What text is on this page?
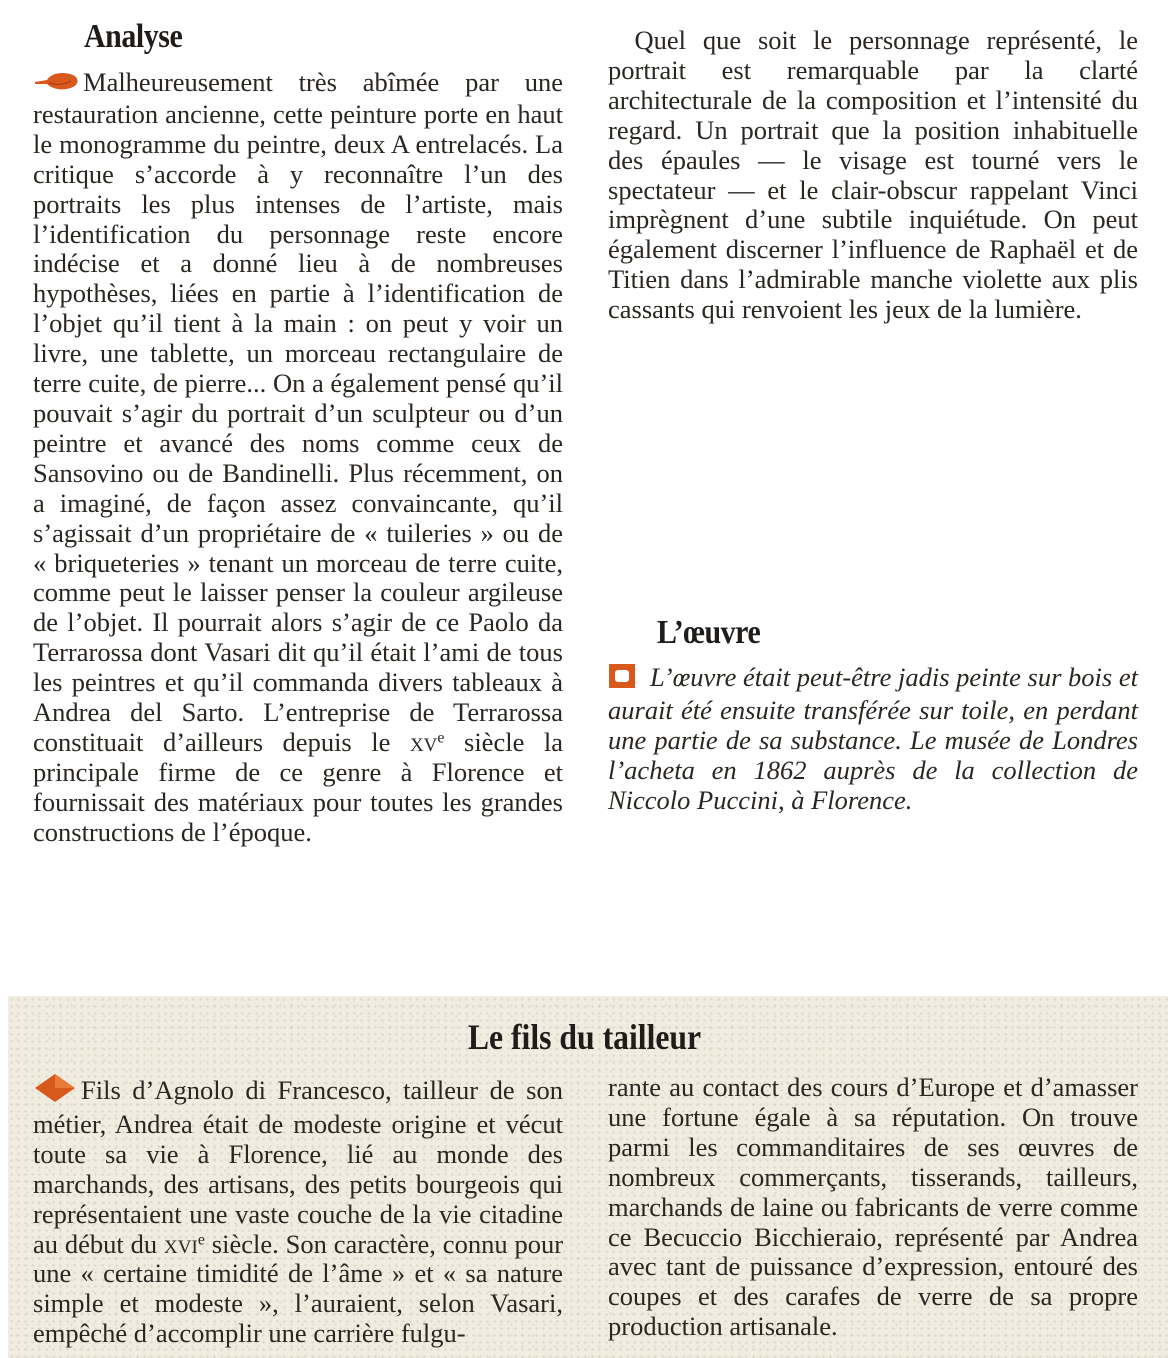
Analyse

Malheureusement très abîmée par une restauration ancienne, cette peinture porte en haut le monogramme du peintre, deux A entrelacés. La critique s’accorde à y reconnaître l’un des portraits les plus intenses de l’artiste, mais l’identification du personnage reste encore indécise et a donné lieu à de nombreuses hypothèses, liées en partie à l’identification de l’objet qu’il tient à la main : on peut y voir un livre, une tablette, un morceau rectangulaire de terre cuite, de pierre... On a également pensé qu’il pouvait s’agir du portrait d’un sculpteur ou d’un peintre et avancé des noms comme ceux de Sansovino ou de Bandinelli. Plus récemment, on a imaginé, de façon assez convaincante, qu’il s’agissait d’un propriétaire de « tuileries » ou de « briqueteries » tenant un morceau de terre cuite, comme peut le laisser penser la couleur argileuse de l’objet. Il pourrait alors s’agir de ce Paolo da Terrarossa dont Vasari dit qu’il était l’ami de tous les peintres et qu’il commanda divers tableaux à Andrea del Sarto. L’entreprise de Terrarossa constituait d’ailleurs depuis le $xv^e$ siècle la principale firme de ce genre à Florence et fournissait des matériaux pour toutes les grandes constructions de l’époque.

Quel que soit le personnage représenté, le portrait est remarquable par la clarté architecturale de la composition et l’intensité du regard. Un portrait que la position inhabituelle des épaules — le visage est tourné vers le spectateur — et le clair-obscur rappelant Vinci imprègnent d’une subtile inquiétude. On peut également discerner l’influence de Raphaël et de Titien dans l’admirable manche violette aux plis cassants qui renvoient les jeux de la lumière.

L’œuvre

L’œuvre était peut-être jadis peinte sur bois et aurait été ensuite transférée sur toile, en perdant une partie de sa substance. Le musée de Londres l’acheta en 1862 auprès de la collection de Niccolo Puccini, à Florence.

Le fils du tailleur

Fils d’Agnolo di Francesco, tailleur de son métier, Andrea était de modeste origine et vécut toute sa vie à Florence, lié au monde des marchands, des artisans, des petits bourgeois qui représentaient une vaste couche de la vie citadine au début du xvi$^e$ siècle. Son caractère, connu pour une « certaine timidité de l’âme » et « sa nature simple et modeste », l’auraient, selon Vasari, empêché d’accomplir une carrière fulgu-

rante au contact des cours d’Europe et d’amasser une fortune égale à sa réputation. On trouve parmi les commanditaires de ses œuvres de nombreux commerçants, tisserands, tailleurs, marchands de laine ou fabricants de verre comme ce Becuccio Bicchieraio, représenté par Andrea avec tant de puissance d’expression, entouré des coupes et des carafes de verre de sa propre production artisanale.
